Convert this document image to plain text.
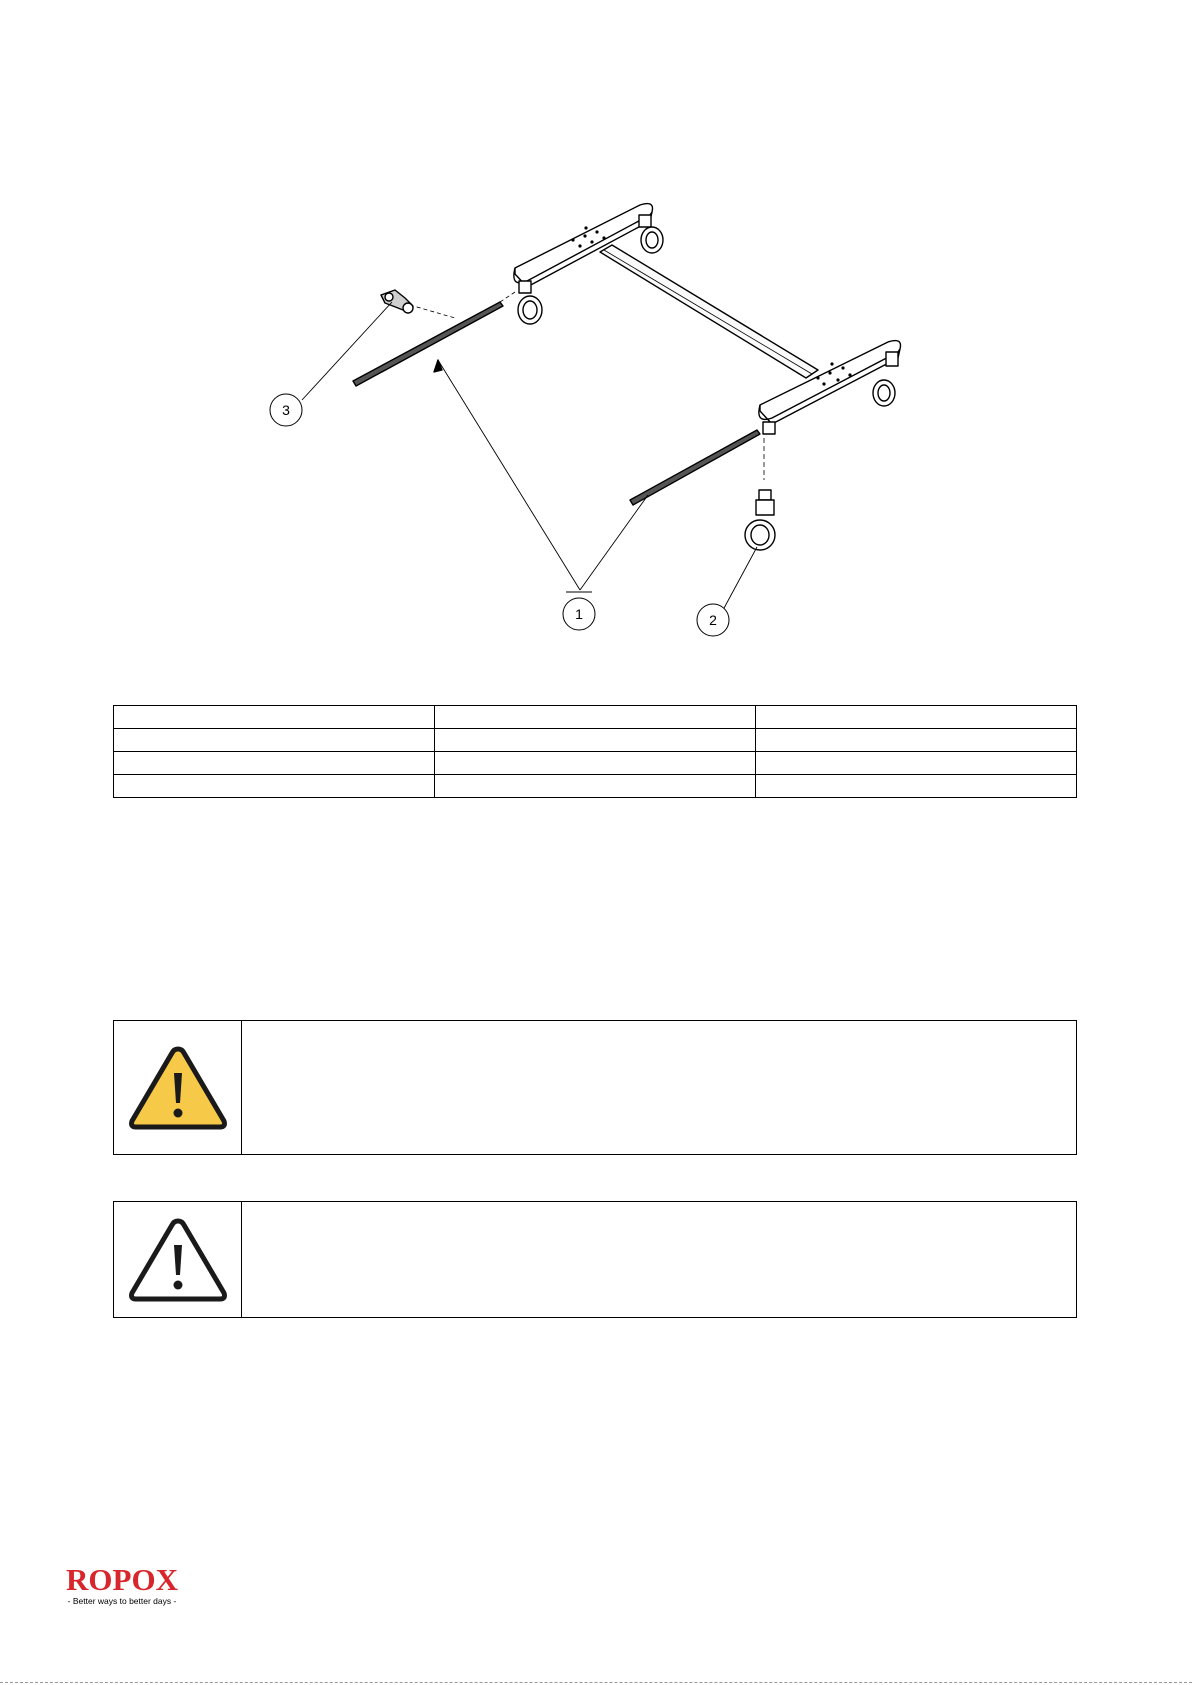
3
1	2

ROPOX
- Better ways to better days -
